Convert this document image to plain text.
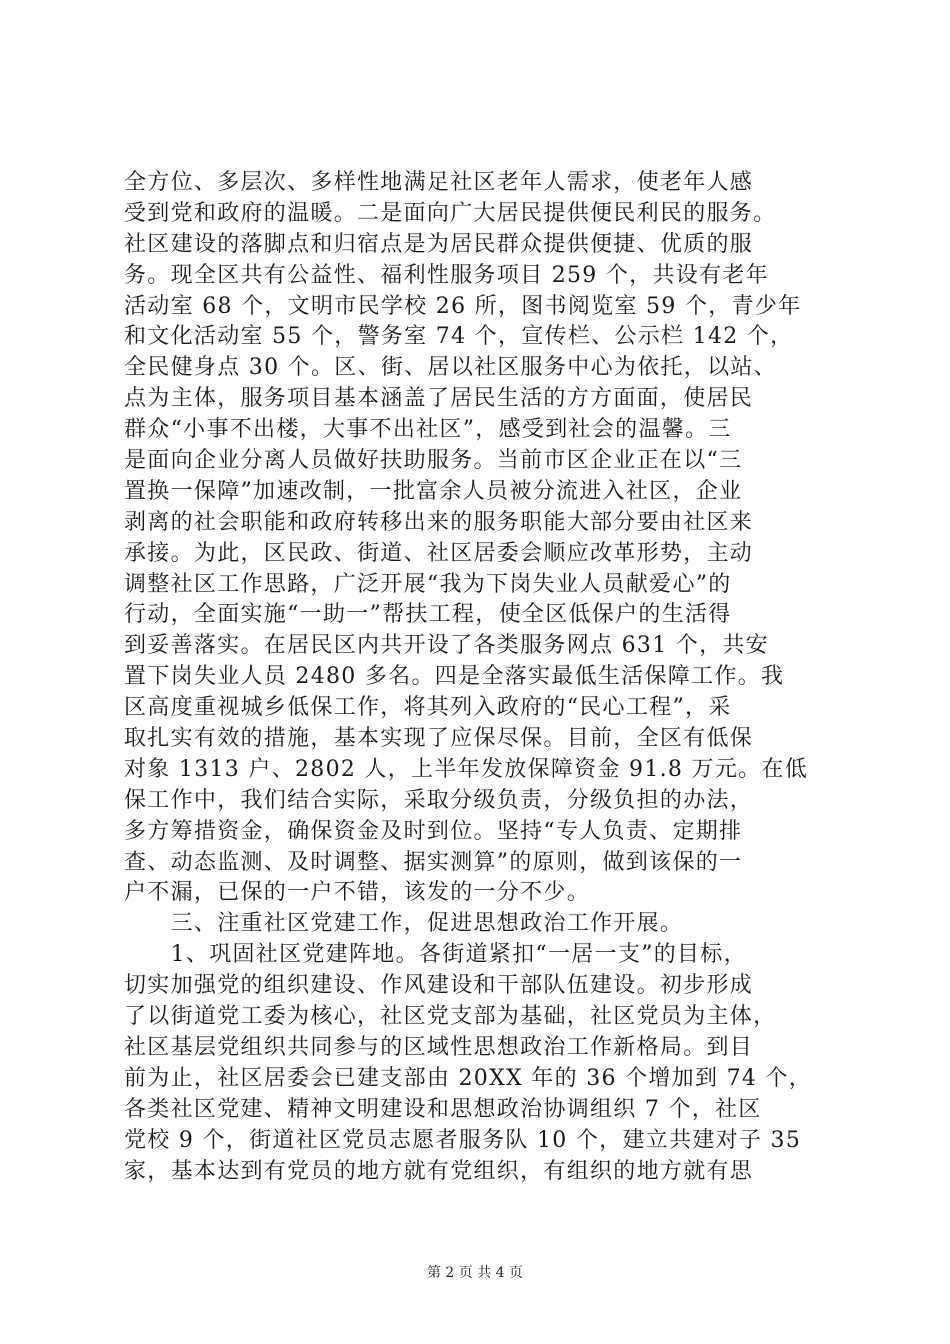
全方位、多层次、多样性地满足社区老年人需求，使老年人感
受到党和政府的温暖。二是面向广大居民提供便民利民的服务。
社区建设的落脚点和归宿点是为居民群众提供便捷、优质的服
务。现全区共有公益性、福利性服务项目 259 个，共设有老年
活动室 68 个，文明市民学校 26 所，图书阅览室 59 个，青少年
和文化活动室 55 个，警务室 74 个，宣传栏、公示栏 142 个，
全民健身点 30 个。区、街、居以社区服务中心为依托，以站、
点为主体，服务项目基本涵盖了居民生活的方方面面，使居民
群众“小事不出楼，大事不出社区”，感受到社会的温馨。三
是面向企业分离人员做好扶助服务。当前市区企业正在以“三
置换一保障”加速改制，一批富余人员被分流进入社区，企业
剥离的社会职能和政府转移出来的服务职能大部分要由社区来
承接。为此，区民政、街道、社区居委会顺应改革形势，主动
调整社区工作思路，广泛开展“我为下岗失业人员献爱心”的
行动，全面实施“一助一”帮扶工程，使全区低保户的生活得
到妥善落实。在居民区内共开设了各类服务网点 631 个，共安
置下岗失业人员 2480 多名。四是全落实最低生活保障工作。我
区高度重视城乡低保工作，将其列入政府的“民心工程”，采
取扎实有效的措施，基本实现了应保尽保。目前，全区有低保
对象 1313 户、2802 人，上半年发放保障资金 91.8 万元。在低
保工作中，我们结合实际，采取分级负责，分级负担的办法，
多方筹措资金，确保资金及时到位。坚持“专人负责、定期排
查、动态监测、及时调整、据实测算”的原则，做到该保的一
户不漏，已保的一户不错，该发的一分不少。
　　三、注重社区党建工作，促进思想政治工作开展。
　　1、巩固社区党建阵地。各街道紧扣“一居一支”的目标，
切实加强党的组织建设、作风建设和干部队伍建设。初步形成
了以街道党工委为核心，社区党支部为基础，社区党员为主体，
社区基层党组织共同参与的区域性思想政治工作新格局。到目
前为止，社区居委会已建支部由 20XX 年的 36 个增加到 74 个，
各类社区党建、精神文明建设和思想政治协调组织 7 个，社区
党校 9 个，街道社区党员志愿者服务队 10 个，建立共建对子 35
家，基本达到有党员的地方就有党组织，有组织的地方就有思
第 2 页 共 4 页
